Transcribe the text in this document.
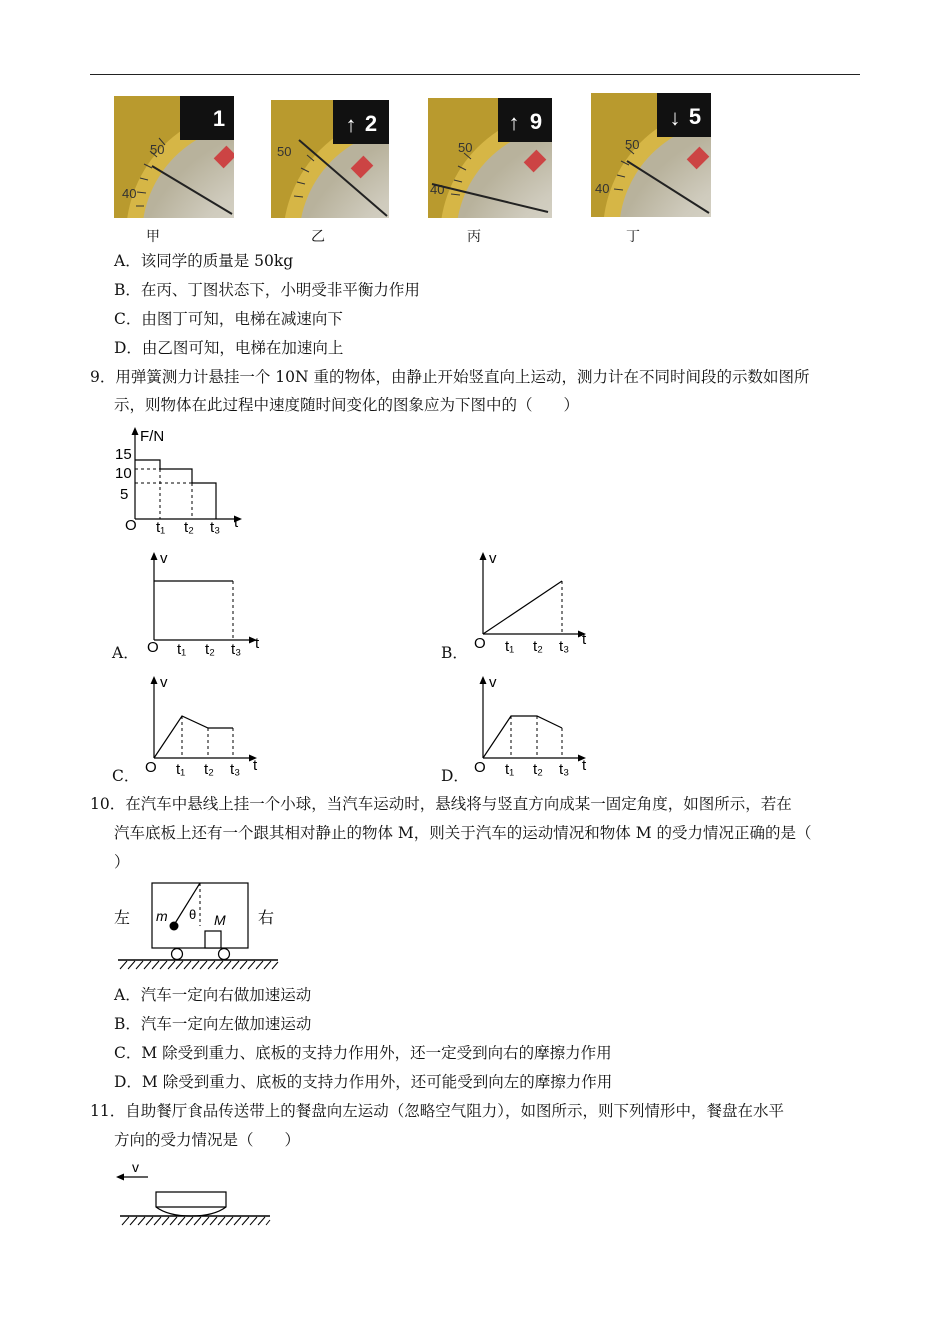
50
40
1
50
↑ 2
50
40
↑ 9
50
40
↓ 5
甲	乙	丙	丁
A．该同学的质量是 50kg
B．在丙、丁图状态下，小明受非平衡力作用
C．由图丁可知，电梯在减速向下
D．由乙图可知，电梯在加速向上
9．用弹簧测力计悬挂一个 10N 重的物体，由静止开始竖直向上运动，测力计在不同时间段的示数如图所
示，则物体在此过程中速度随时间变化的图象应为下图中的（　　）
F/N
15
10
5
O t₁ t₂ t₃ t
A．
v
O t₁ t₂ t₃ t
B．
v
O t₁ t₂ t₃ t
C．
v
O t₁ t₂ t₃ t
D．
v
O t₁ t₂ t₃ t
10．在汽车中悬线上挂一个小球，当汽车运动时，悬线将与竖直方向成某一固定角度，如图所示，若在
汽车底板上还有一个跟其相对静止的物体 M，则关于汽车的运动情况和物体 M 的受力情况正确的是（
）
左	右
m θ M
A．汽车一定向右做加速运动
B．汽车一定向左做加速运动
C．M 除受到重力、底板的支持力作用外，还一定受到向右的摩擦力作用
D．M 除受到重力、底板的支持力作用外，还可能受到向左的摩擦力作用
11．自助餐厅食品传送带上的餐盘向左运动（忽略空气阻力），如图所示，则下列情形中，餐盘在水平
方向的受力情况是（　　）
v
